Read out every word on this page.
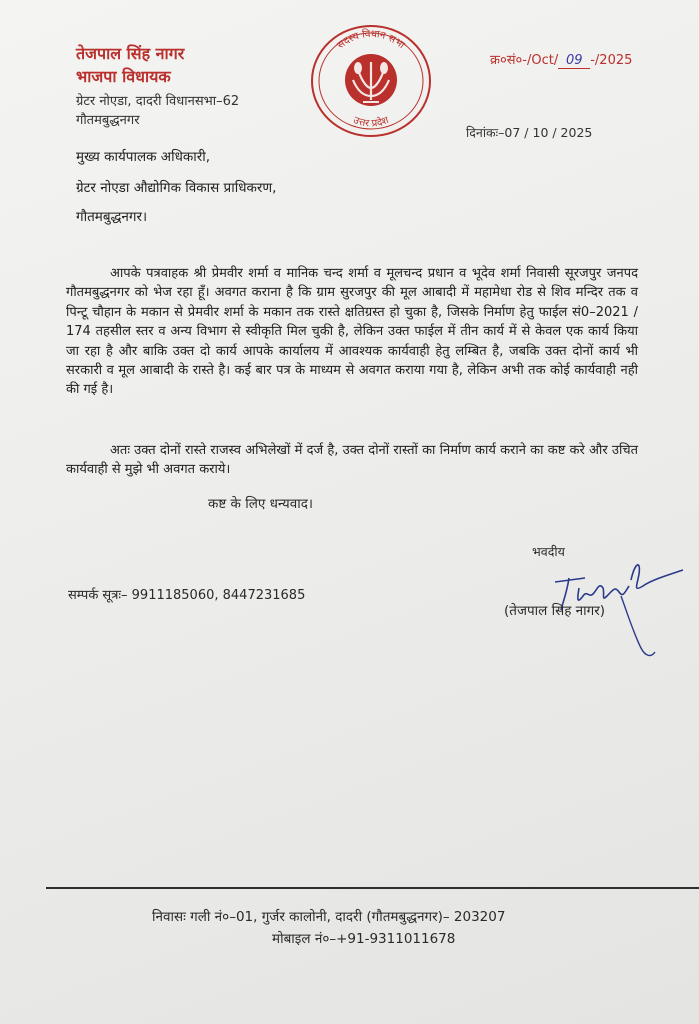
तेजपाल सिंह नागर
भाजपा विधायक
ग्रेटर नोएडा, दादरी विधानसभा–62
गौतमबुद्धनगर
सदस्य विधान सभा
उत्तर प्रदेश
क्र०सं०-/Oct/ 09 -/2025
दिनांकः–07 / 10 / 2025
मुख्य कार्यपालक अधिकारी,
ग्रेटर नोएडा औद्योगिक विकास प्राधिकरण,
गौतमबुद्धनगर।

आपके पत्रवाहक श्री प्रेमवीर शर्मा व मानिक चन्द शर्मा व मूलचन्द प्रधान व भूदेव शर्मा निवासी सूरजपुर जनपद गौतमबुद्धनगर को भेज रहा हूँ। अवगत कराना है कि ग्राम सुरजपुर की मूल आबादी में महामेधा रोड से शिव मन्दिर तक व पिन्टू चौहान के मकान से प्रेमवीर शर्मा के मकान तक रास्ते क्षतिग्रस्त हो चुका है, जिसके निर्माण हेतु फाईल सं0–2021 / 174 तहसील स्तर व अन्य विभाग से स्वीकृति मिल चुकी है, लेकिन उक्त फाईल में तीन कार्य में से केवल एक कार्य किया जा रहा है और बाकि उक्त दो कार्य आपके कार्यालय में आवश्यक कार्यवाही हेतु लम्बित है, जबकि उक्त दोनों कार्य भी सरकारी व मूल आबादी के रास्ते है। कई बार पत्र के माध्यम से अवगत कराया गया है, लेकिन अभी तक कोई कार्यवाही नही की गई है।

अतः उक्त दोनों रास्ते राजस्व अभिलेखों में दर्ज है, उक्त दोनों रास्तों का निर्माण कार्य कराने का कष्ट करे और उचित कार्यवाही से मुझे भी अवगत कराये।

कष्ट के लिए धन्यवाद।
भवदीय
सम्पर्क सूत्रः– 9911185060, 8447231685
(तेजपाल सिह नागर)
निवासः गली नं०–01, गुर्जर कालोनी, दादरी (गौतमबुद्धनगर)– 203207
मोबाइल नं०–+91-9311011678
